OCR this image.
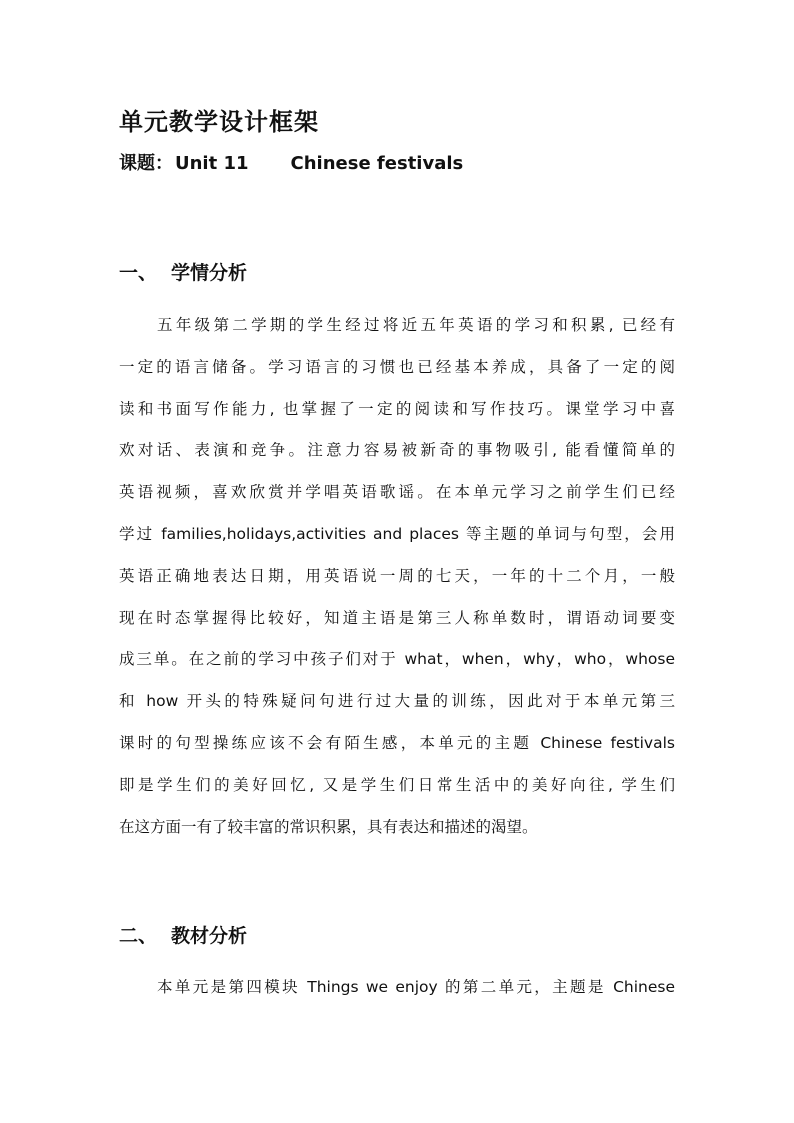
单元教学设计框架
课题： Unit 11 Chinese festivals
一、 学情分析
五年级第二学期的学生经过将近五年英语的学习和积累, 已经有
一定的语言储备。学习语言的习惯也已经基本养成，具备了一定的阅
读和书面写作能力, 也掌握了一定的阅读和写作技巧。课堂学习中喜
欢对话、表演和竞争。注意力容易被新奇的事物吸引, 能看懂简单的
英语视频，喜欢欣赏并学唱英语歌谣。在本单元学习之前学生们已经
学过 families,holidays,activities and places 等主题的单词与句型，会用
英语正确地表达日期，用英语说一周的七天，一年的十二个月，一般
现在时态掌握得比较好，知道主语是第三人称单数时，谓语动词要变
成三单。在之前的学习中孩子们对于 what，when，why，who，whose
和 how 开头的特殊疑问句进行过大量的训练，因此对于本单元第三
课时的句型操练应该不会有陌生感，本单元的主题 Chinese festivals
即是学生们的美好回忆, 又是学生们日常生活中的美好向往, 学生们
在这方面一有了较丰富的常识积累，具有表达和描述的渴望。
二、 教材分析
本单元是第四模块 Things we enjoy 的第二单元，主题是 Chinese
